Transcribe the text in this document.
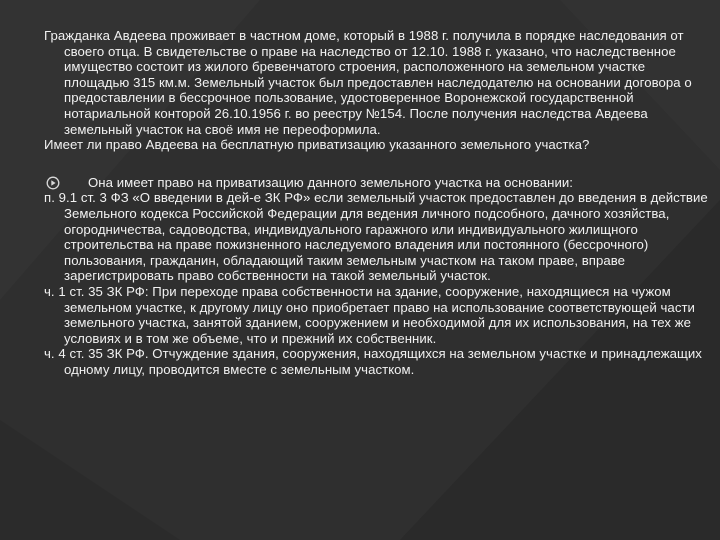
Гражданка Авдеева проживает в частном доме, который в 1988 г. получила в порядке наследования от своего отца. В свидетельстве о праве на наследство от 12.10. 1988 г. указано, что наследственное имущество состоит из жилого бревенчатого строения, расположенного на земельном участке площадью 315 км.м. Земельный участок был предоставлен наследодателю на основании договора о предоставлении в бессрочное пользование, удостоверенное Воронежской государственной нотариальной конторой 26.10.1956 г. во реестру №154. После получения наследства Авдеева земельный участок на своё имя не переоформила.

Имеет ли право Авдеева на бесплатную приватизацию указанного земельного участка?

Она имеет право на приватизацию данного земельного участка на основании:

п. 9.1 ст. 3 ФЗ «О введении в дей-е ЗК РФ» если земельный участок предоставлен до введения в действие Земельного кодекса Российской Федерации для ведения личного подсобного, дачного хозяйства, огородничества, садоводства, индивидуального гаражного или индивидуального жилищного строительства на праве пожизненного наследуемого владения или постоянного (бессрочного) пользования, гражданин, обладающий таким земельным участком на таком праве, вправе зарегистрировать право собственности на такой земельный участок.

ч. 1 ст. 35 ЗК РФ: При переходе права собственности на здание, сооружение, находящиеся на чужом земельном участке, к другому лицу оно приобретает право на использование соответствующей части земельного участка, занятой зданием, сооружением и необходимой для их использования, на тех же условиях и в том же объеме, что и прежний их собственник.

ч. 4 ст. 35 ЗК РФ. Отчуждение здания, сооружения, находящихся на земельном участке и принадлежащих одному лицу, проводится вместе с земельным участком.
